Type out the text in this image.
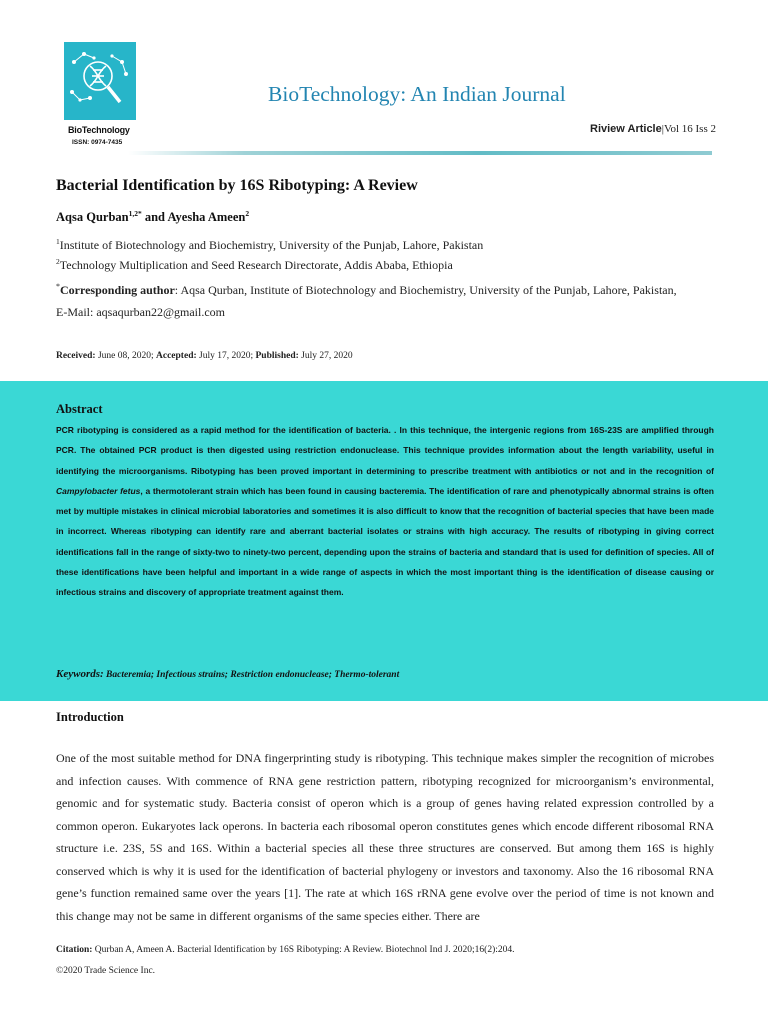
BioTechnology
ISSN: 0974-7435
BioTechnology: An Indian Journal
Riview Article|Vol 16 Iss 2
Bacterial Identification by 16S Ribotyping: A Review
Aqsa Qurban$^{1,2*}$ and Ayesha Ameen$^2$
$^1$Institute of Biotechnology and Biochemistry, University of the Punjab, Lahore, Pakistan
$^2$Technology Multiplication and Seed Research Directorate, Addis Ababa, Ethiopia
*Corresponding author: Aqsa Qurban, Institute of Biotechnology and Biochemistry, University of the Punjab, Lahore, Pakistan,
E-Mail: aqsaqurban22@gmail.com
Received: June 08, 2020; Accepted: July 17, 2020; Published: July 27, 2020
Abstract
PCR ribotyping is considered as a rapid method for the identification of bacteria. . In this technique, the intergenic regions from 16S-23S are amplified through PCR. The obtained PCR product is then digested using restriction endonuclease. This technique provides information about the length variability, useful in identifying the microorganisms. Ribotyping has been proved important in determining to prescribe treatment with antibiotics or not and in the recognition of Campylobacter fetus, a thermotolerant strain which has been found in causing bacteremia. The identification of rare and phenotypically abnormal strains is often met by multiple mistakes in clinical microbial laboratories and sometimes it is also difficult to know that the recognition of bacterial species that have been made in incorrect. Whereas ribotyping can identify rare and aberrant bacterial isolates or strains with high accuracy. The results of ribotyping in giving correct identifications fall in the range of sixty-two to ninety-two percent, depending upon the strains of bacteria and standard that is used for definition of species. All of these identifications have been helpful and important in a wide range of aspects in which the most important thing is the identification of disease causing or infectious strains and discovery of appropriate treatment against them.
Keywords: Bacteremia; Infectious strains; Restriction endonuclease; Thermo-tolerant
Introduction
One of the most suitable method for DNA fingerprinting study is ribotyping. This technique makes simpler the recognition of microbes and infection causes. With commence of RNA gene restriction pattern, ribotyping recognized for microorganism’s environmental, genomic and for systematic study. Bacteria consist of operon which is a group of genes having related expression controlled by a common operon. Eukaryotes lack operons. In bacteria each ribosomal operon constitutes genes which encode different ribosomal RNA structure i.e. 23S, 5S and 16S. Within a bacterial species all these three structures are conserved. But among them 16S is highly conserved which is why it is used for the identification of bacterial phylogeny or investors and taxonomy. Also the 16 ribosomal RNA gene’s function remained same over the years [1]. The rate at which 16S rRNA gene evolve over the period of time is not known and this change may not be same in different organisms of the same species either. There are
Citation: Qurban A, Ameen A. Bacterial Identification by 16S Ribotyping: A Review. Biotechnol Ind J. 2020;16(2):204.
©2020 Trade Science Inc.
